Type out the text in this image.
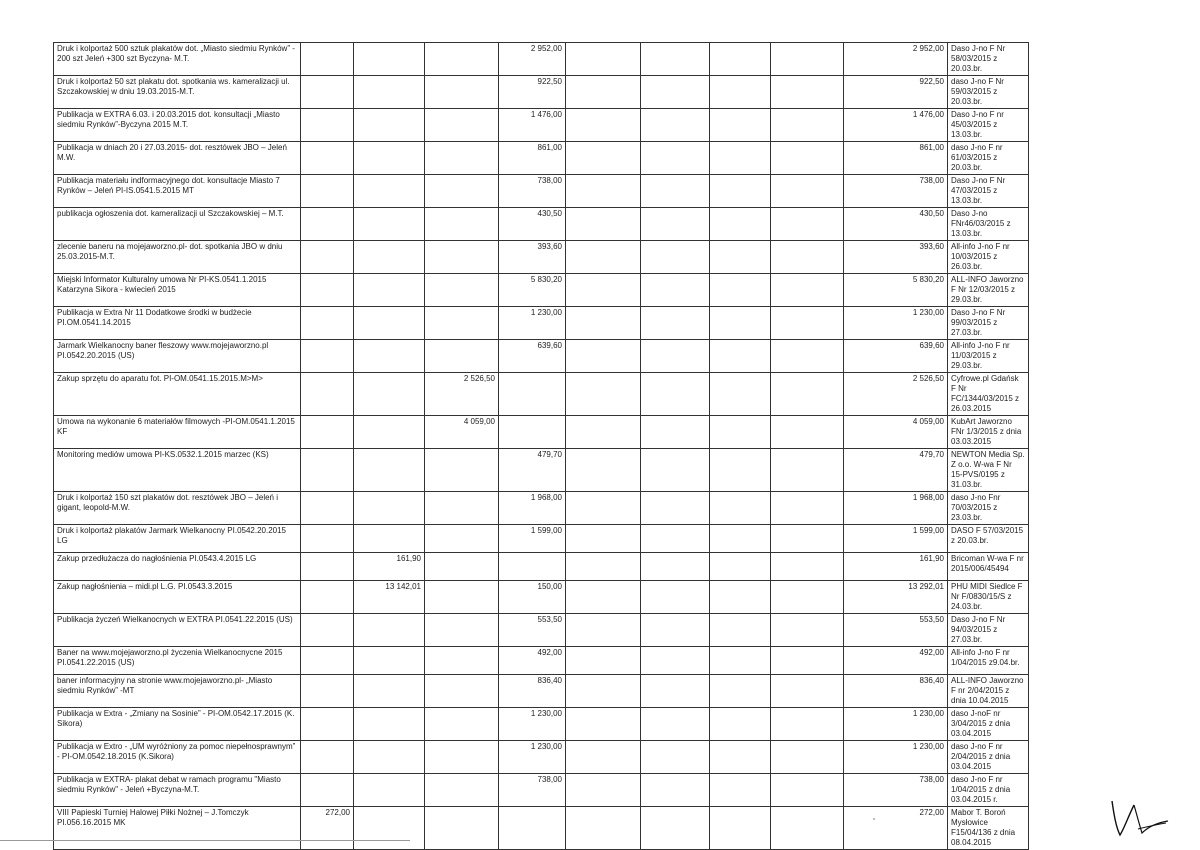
Druk i kolportaż 500 sztuk plakatów dot. „Miasto siedmiu Rynków” - 200 szt Jeleń +300 szt Byczyna- M.T.				2 952,00					2 952,00	Daso J-no F Nr 58/03/2015 z 20.03.br.
Druk i kolportaż 50 szt plakatu dot. spotkania ws. kameralizacji ul. Szczakowskiej w dniu 19.03.2015-M.T.				922,50					922,50	daso J-no F Nr 59/03/2015 z 20.03.br.
Publikacja w EXTRA 6.03. i 20.03.2015 dot. konsultacji „Miasto siedmiu Rynków”-Byczyna 2015 M.T.				1 476,00					1 476,00	Daso J-no F nr 45/03/2015 z 13.03.br.
Publikacja w dniach 20 i 27.03.2015- dot. resztówek JBO – Jeleń M.W.				861,00					861,00	daso J-no F nr 61/03/2015 z 20.03.br.
Publikacja materiału indformacyjnego dot. konsultacje Miasto 7 Rynków – Jeleń PI-IS.0541.5.2015 MT				738,00					738,00	Daso J-no F Nr 47/03/2015 z 13.03.br.
publikacja ogłoszenia dot. kameralizacji ul Szczakowskiej – M.T.				430,50					430,50	Daso J-no FNr46/03/2015 z 13.03.br.
zlecenie baneru na mojejaworzno.pl- dot. spotkania JBO w dniu 25.03.2015-M.T.				393,60					393,60	All-info J-no F nr 10/03/2015 z 26.03.br.
Miejski Informator Kulturalny umowa Nr PI-KS.0541.1.2015 Katarzyna Sikora - kwiecień 2015				5 830,20					5 830,20	ALL-INFO Jaworzno F Nr 12/03/2015 z 29.03.br.
Publikacja w Extra Nr 11 Dodatkowe środki w budżecie PI.OM.0541.14.2015				1 230,00					1 230,00	Daso J-no F Nr 99/03/2015 z 27.03.br.
Jarmark Wielkanocny baner fleszowy www.mojejaworzno.pl PI.0542.20.2015 (US)				639,60					639,60	All-info J-no F nr 11/03/2015 z 29.03.br.
Zakup sprzętu do aparatu fot. PI-OM.0541.15.2015.M>M>			2 526,50						2 526,50	Cyfrowe.pl Gdańsk F Nr FC/1344/03/2015 z 26.03.2015
Umowa na wykonanie 6 materiałów filmowych -PI-OM.0541.1.2015 KF			4 059,00						4 059,00	KubArt Jaworzno FNr 1/3/2015 z dnia 03.03.2015
Monitoring mediów umowa PI-KS.0532.1.2015 marzec (KS)				479,70					479,70	NEWTON Media Sp. Z o.o. W-wa F Nr 15-PVS/0195 z 31.03.br.
Druk i kolportaż 150 szt plakatów dot. resztówek JBO – Jeleń i gigant, leopold-M.W.				1 968,00					1 968,00	daso J-no Fnr 70/03/2015 z 23.03.br.
Druk i kolportaż plakatów Jarmark Wielkanocny PI.0542.20.2015 LG				1 599,00					1 599,00	DASO F 57/03/2015 z 20.03.br.
Zakup przedłużacza do nagłośnienia PI.0543.4.2015 LG		161,90							161,90	Bricoman W-wa F nr 2015/006/45494
Zakup nagłośnienia – midi.pl L.G. PI.0543.3.2015		13 142,01		150,00					13 292,01	PHU MIDI Siedlce F Nr F/0830/15/S z 24.03.br.
Publikacja życzeń Wielkanocnych w EXTRA PI.0541.22.2015 (US)				553,50					553,50	Daso J-no F Nr 94/03/2015 z 27.03.br.
Baner na www.mojejaworzno.pl życzenia Wielkanocnycne 2015 PI.0541.22.2015 (US)				492,00					492,00	All-info J-no F nr 1/04/2015 z9.04.br.
baner informacyjny na stronie www.mojejaworzno.pl- „Miasto siedmiu Rynków” -MT				836,40					836,40	ALL-INFO Jaworzno F nr 2/04/2015 z dnia 10.04.2015
Publikacja w Extra - „Zmiany na Sosinie” - PI-OM.0542.17.2015 (K. Sikora)				1 230,00					1 230,00	daso J-noF nr 3/04/2015 z dnia 03.04.2015
Publikacja w Extro - „UM wyróżniony za pomoc niepełnosprawnym” - PI-OM.0542.18.2015 (K.Sikora)				1 230,00					1 230,00	daso J-no F nr 2/04/2015 z dnia 03.04.2015
Publikacja w EXTRA- plakat debat w ramach programu "Miasto siedmiu Rynków" - Jeleń +Byczyna-M.T.				738,00					738,00	daso J-no F nr 1/04/2015 z dnia 03.04.2015 r.
VIII Papieski Turniej Halowej Piłki Nożnej – J.Tomczyk PI.056.16.2015 MK	272,00								272,00	Mabor T. Boroń Mysłowice F15/04/136 z dnia 08.04.2015
